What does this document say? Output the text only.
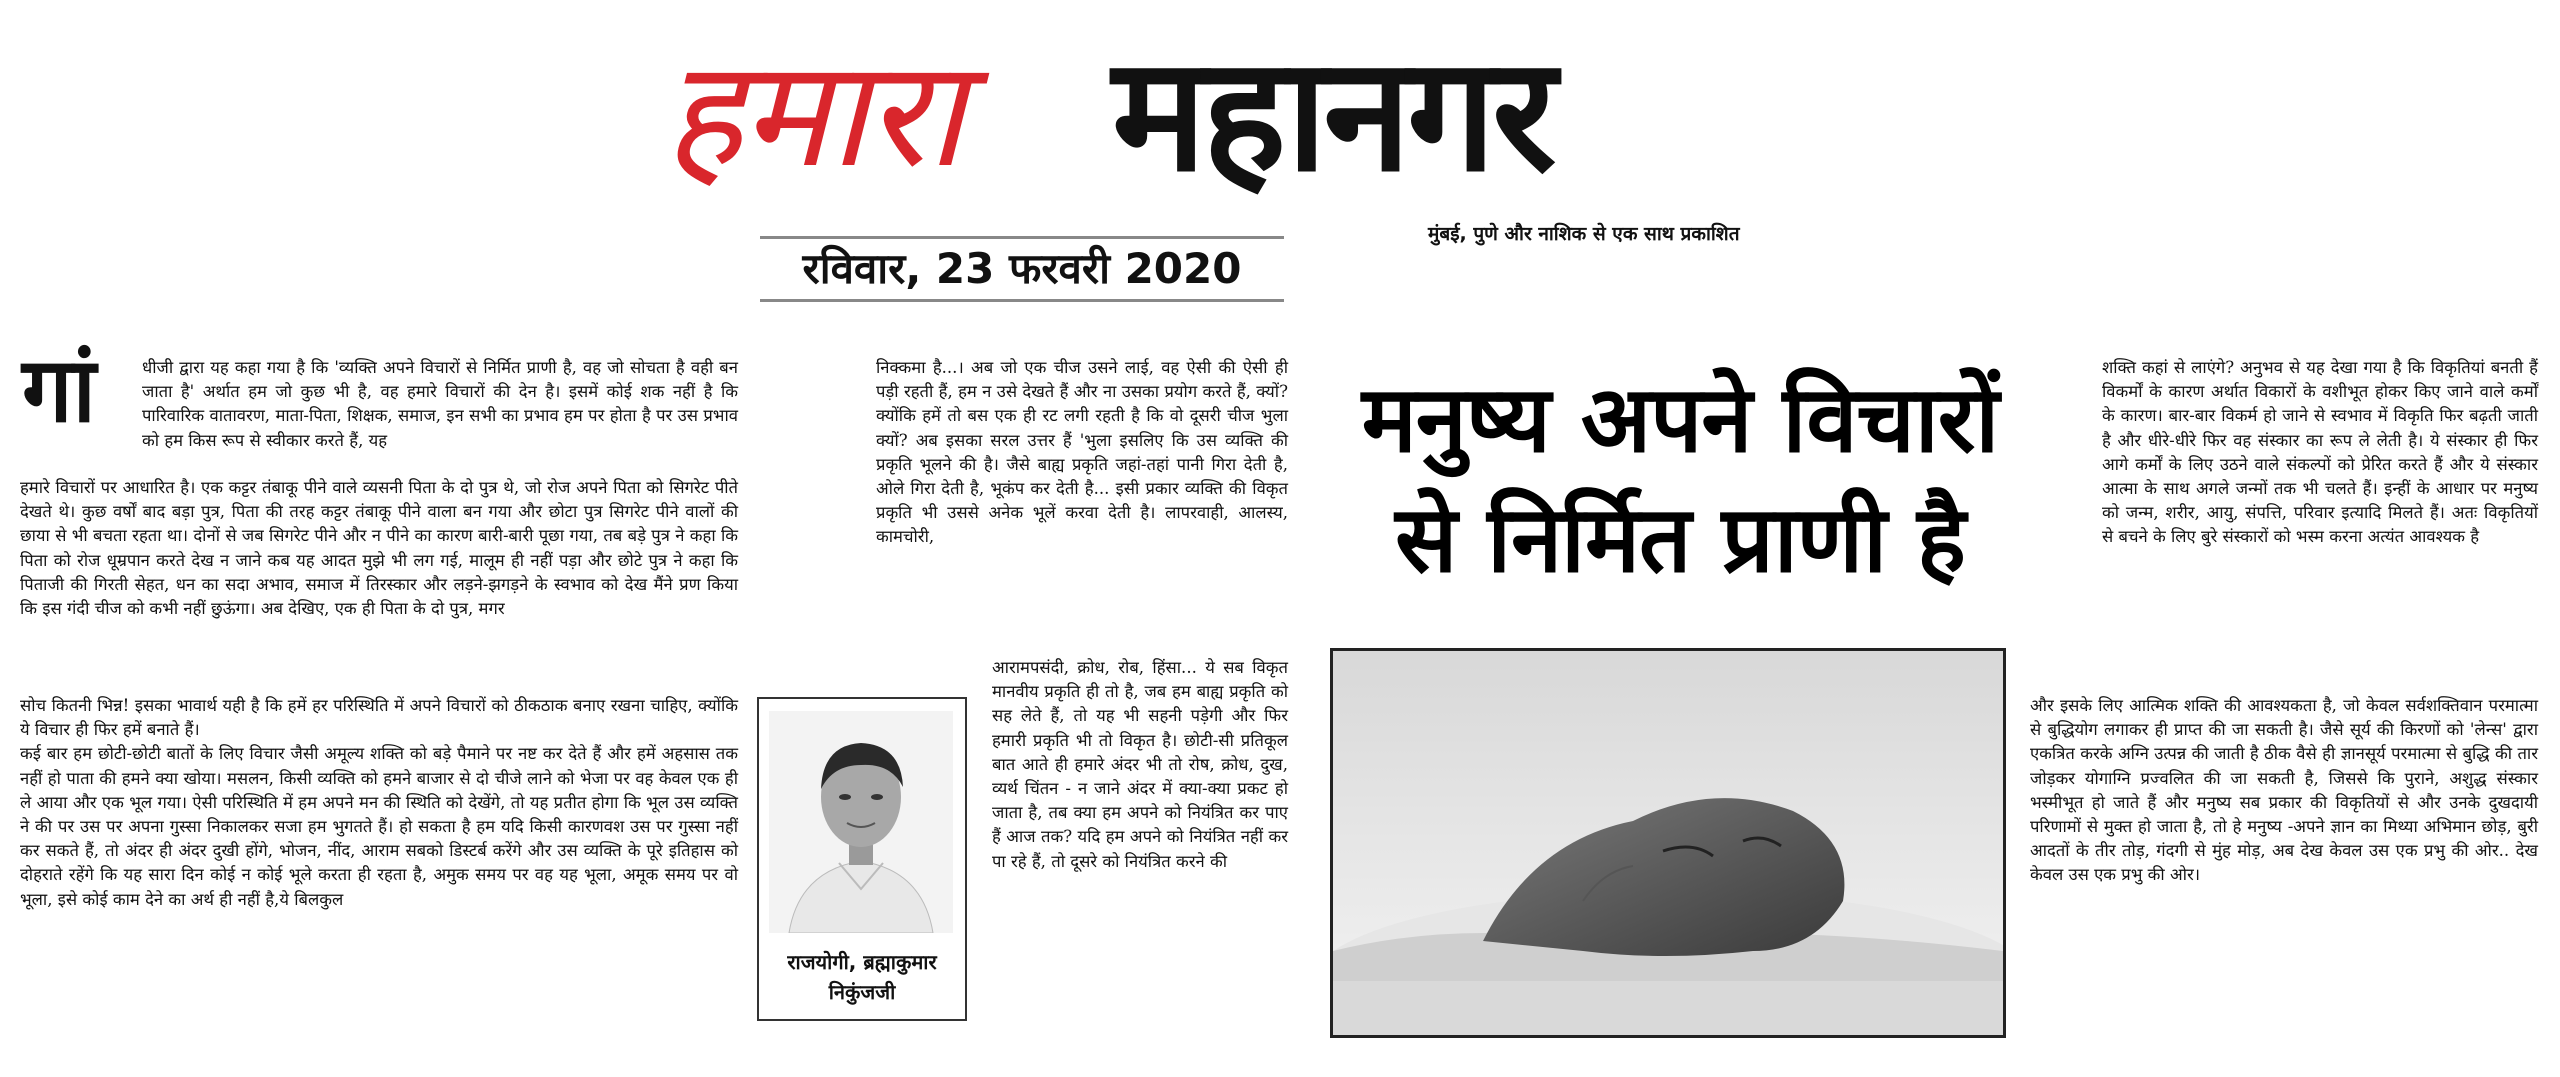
हमारा महानगर
मुंबई, पुणे और नाशिक से एक साथ प्रकाशित
रविवार, 23 फरवरी 2020
गां	धीजी द्वारा यह कहा गया है कि 'व्यक्ति अपने विचारों से निर्मित प्राणी है, वह जो सोचता है वही बन जाता है' अर्थात हम जो कुछ भी है, वह हमारे विचारों की देन है। इसमें कोई शक नहीं है कि पारिवारिक वातावरण, माता-पिता, शिक्षक, समाज, इन सभी का प्रभाव हम पर होता है पर उस प्रभाव को हम किस रूप से स्वीकार करते हैं, यह

हमारे विचारों पर आधारित है। एक कट्टर तंबाकू पीने वाले व्यसनी पिता के दो पुत्र थे, जो रोज अपने पिता को सिगरेट पीते देखते थे। कुछ वर्षों बाद बड़ा पुत्र, पिता की तरह कट्टर तंबाकू पीने वाला बन गया और छोटा पुत्र सिगरेट पीने वालों की छाया से भी बचता रहता था। दोनों से जब सिगरेट पीने और न पीने का कारण बारी-बारी पूछा गया, तब बड़े पुत्र ने कहा कि पिता को रोज धूम्रपान करते देख न जाने कब यह आदत मुझे भी लग गई, मालूम ही नहीं पड़ा और छोटे पुत्र ने कहा कि पिताजी की गिरती सेहत, धन का सदा अभाव, समाज में तिरस्कार और लड़ने-झगड़ने के स्वभाव को देख मैंने प्रण किया कि इस गंदी चीज को कभी नहीं छुऊंगा। अब देखिए, एक ही पिता के दो पुत्र, मगर

सोच कितनी भिन्न! इसका भावार्थ यही है कि हमें हर परिस्थिति में अपने विचारों को ठीकठाक बनाए रखना चाहिए, क्योंकि ये विचार ही फिर हमें बनाते हैं।

कई बार हम छोटी-छोटी बातों के लिए विचार जैसी अमूल्य शक्ति को बड़े पैमाने पर नष्ट कर देते हैं और हमें अहसास तक नहीं हो पाता की हमने क्या खोया। मसलन, किसी व्यक्ति को हमने बाजार से दो चीजे लाने को भेजा पर वह केवल एक ही ले आया और एक भूल गया। ऐसी परिस्थिति में हम अपने मन की स्थिति को देखेंगे, तो यह प्रतीत होगा कि भूल उस व्यक्ति ने की पर उस पर अपना गुस्सा निकालकर सजा हम भुगतते हैं। हो सकता है हम यदि किसी कारणवश उस पर गुस्सा नहीं कर सकते हैं, तो अंदर ही अंदर दुखी होंगे, भोजन, नींद, आराम सबको डिस्टर्ब करेंगे और उस व्यक्ति के पूरे इतिहास को दोहराते रहेंगे कि यह सारा दिन कोई न कोई भूले करता ही रहता है, अमुक समय पर वह यह भूला, अमूक समय पर वो भूला, इसे कोई काम देने का अर्थ ही नहीं है,ये बिलकुल

राजयोगी, ब्रह्माकुमार
निकुंजजी

निक्कमा है...। अब जो एक चीज उसने लाई, वह ऐसी की ऐसी ही पड़ी रहती हैं, हम न उसे देखते हैं और ना उसका प्रयोग करते हैं, क्यों? क्योंकि हमें तो बस एक ही रट लगी रहती है कि वो दूसरी चीज भुला क्यों? अब इसका सरल उत्तर हैं 'भुला इसलिए कि उस व्यक्ति की प्रकृति भूलने की है। जैसे बाह्य प्रकृति जहां-तहां पानी गिरा देती है, ओले गिरा देती है, भूकंप कर देती है... इसी प्रकार व्यक्ति की विकृत प्रकृति भी उससे अनेक भूलें करवा देती है। लापरवाही, आलस्य, कामचोरी,

आरामपसंदी, क्रोध, रोब, हिंसा... ये सब विकृत मानवीय प्रकृति ही तो है, जब हम बाह्य प्रकृति को सह लेते हैं, तो यह भी सहनी पड़ेगी और फिर हमारी प्रकृति भी तो विकृत है। छोटी-सी प्रतिकूल बात आते ही हमारे अंदर भी तो रोष, क्रोध, दुख, व्यर्थ चिंतन - न जाने अंदर में क्या-क्या प्रकट हो जाता है, तब क्या हम अपने को नियंत्रित कर पाए हैं आज तक? यदि हम अपने को नियंत्रित नहीं कर पा रहे हैं, तो दूसरे को नियंत्रित करने की

मनुष्य अपने विचारों
से निर्मित प्राणी है

शक्ति कहां से लाएंगे? अनुभव से यह देखा गया है कि विकृतियां बनती हैं विकर्मों के कारण अर्थात विकारों के वशीभूत होकर किए जाने वाले कर्मों के कारण। बार-बार विकर्म हो जाने से स्वभाव में विकृति फिर बढ़ती जाती है और धीरे-धीरे फिर वह संस्कार का रूप ले लेती है। ये संस्कार ही फिर आगे कर्मों के लिए उठने वाले संकल्पों को प्रेरित करते हैं और ये संस्कार आत्मा के साथ अगले जन्मों तक भी चलते हैं। इन्हीं के आधार पर मनुष्य को जन्म, शरीर, आयु, संपत्ति, परिवार इत्यादि मिलते हैं। अतः विकृतियों से बचने के लिए बुरे संस्कारों को भस्म करना अत्यंत आवश्यक है

और इसके लिए आत्मिक शक्ति की आवश्यकता है, जो केवल सर्वशक्तिवान परमात्मा से बुद्धियोग लगाकर ही प्राप्त की जा सकती है। जैसे सूर्य की किरणों को 'लेन्स' द्वारा एकत्रित करके अग्नि उत्पन्न की जाती है ठीक वैसे ही ज्ञानसूर्य परमात्मा से बुद्धि की तार जोड़कर योगाग्नि प्रज्वलित की जा सकती है, जिससे कि पुराने, अशुद्ध संस्कार भस्मीभूत हो जाते हैं और मनुष्य सब प्रकार की विकृतियों से और उनके दुखदायी परिणामों से मुक्त हो जाता है, तो हे मनुष्य -अपने ज्ञान का मिथ्या अभिमान छोड़, बुरी आदतों के तीर तोड़, गंदगी से मुंह मोड़, अब देख केवल उस एक प्रभु की ओर.. देख केवल उस एक प्रभु की ओर।
